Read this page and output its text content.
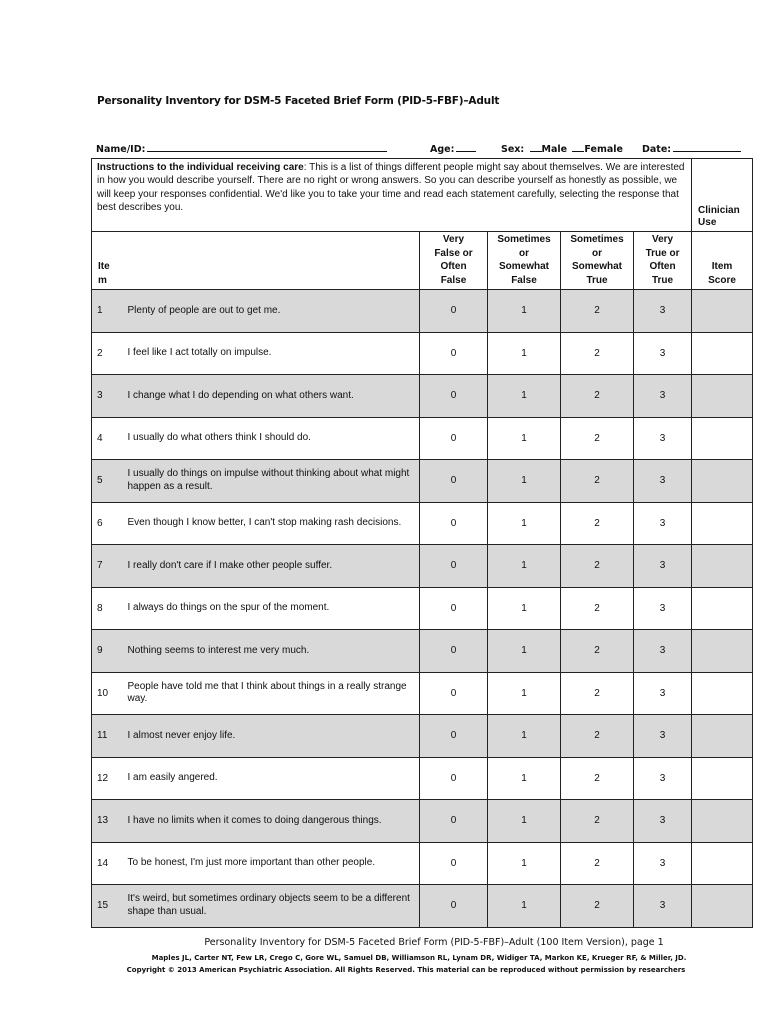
Personality Inventory for DSM-5 Faceted Brief Form (PID-5-FBF)–Adult
Name/ID:	Age:	Sex: Male Female Date:
Instructions to the individual receiving care: This is a list of things different people might say about themselves. We are interested in how you would describe yourself. There are no right or wrong answers. So you can describe yourself as honestly as possible, we will keep your responses confidential. We'd like you to take your time and read each statement carefully, selecting the response that best describes you.						Clinician
Use
Ite
m		Very
False or
Often
False	Sometimes
or
Somewhat
False	Sometimes
or
Somewhat
True	Very
True or
Often
True	Item
Score
1	Plenty of people are out to get me.	0	1	2	3	
2	I feel like I act totally on impulse.	0	1	2	3	
3	I change what I do depending on what others want.	0	1	2	3	
4	I usually do what others think I should do.	0	1	2	3	
5	I usually do things on impulse without thinking about what might happen as a result.	0	1	2	3	
6	Even though I know better, I can't stop making rash decisions.	0	1	2	3	
7	I really don't care if I make other people suffer.	0	1	2	3	
8	I always do things on the spur of the moment.	0	1	2	3	
9	Nothing seems to interest me very much.	0	1	2	3	
10	People have told me that I think about things in a really strange way.	0	1	2	3	
11	I almost never enjoy life.	0	1	2	3	
12	I am easily angered.	0	1	2	3	
13	I have no limits when it comes to doing dangerous things.	0	1	2	3	
14	To be honest, I'm just more important than other people.	0	1	2	3	
15	It's weird, but sometimes ordinary objects seem to be a different shape than usual.	0	1	2	3	
Personality Inventory for DSM-5 Faceted Brief Form (PID-5-FBF)–Adult (100 Item Version), page 1
Maples JL, Carter NT, Few LR, Crego C, Gore WL, Samuel DB, Williamson RL, Lynam DR, Widiger TA, Markon KE, Krueger RF, & Miller, JD.
Copyright © 2013 American Psychiatric Association. All Rights Reserved. This material can be reproduced without permission by researchers
